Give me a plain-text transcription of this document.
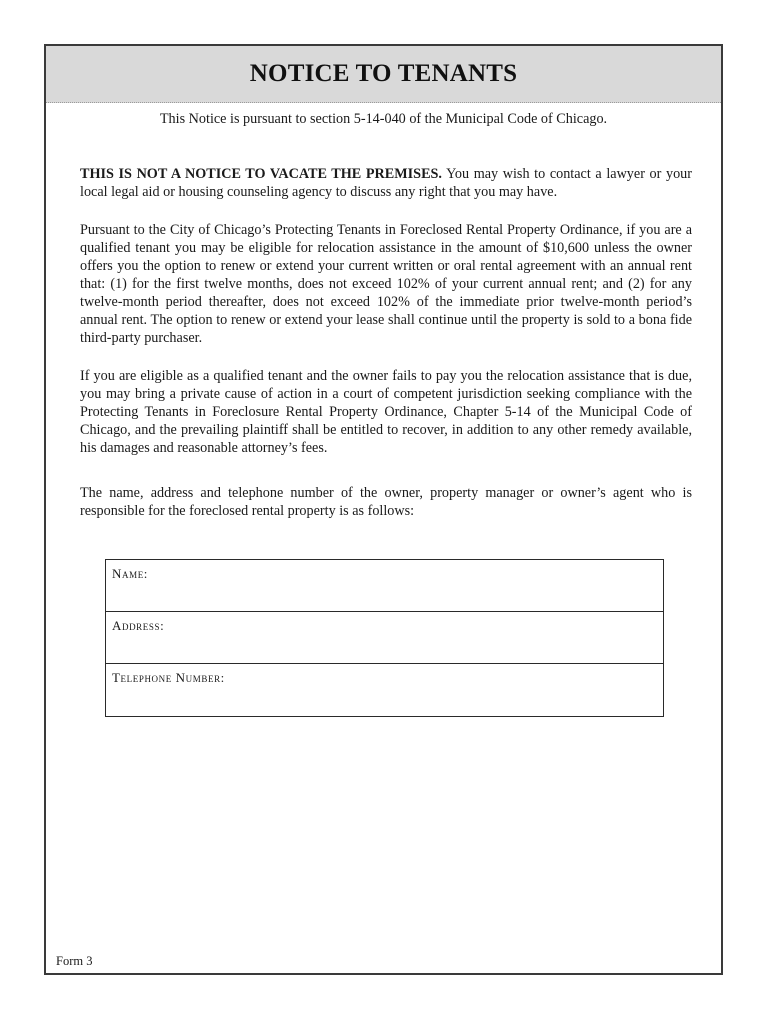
NOTICE TO TENANTS
This Notice is pursuant to section 5-14-040 of the Municipal Code of Chicago.

THIS IS NOT A NOTICE TO VACATE THE PREMISES. You may wish to contact a lawyer or your local legal aid or housing counseling agency to discuss any right that you may have.

Pursuant to the City of Chicago’s Protecting Tenants in Foreclosed Rental Property Ordinance, if you are a qualified tenant you may be eligible for relocation assistance in the amount of $10,600 unless the owner offers you the option to renew or extend your current written or oral rental agreement with an annual rent that: (1) for the first twelve months, does not exceed 102% of your current annual rent; and (2) for any twelve-month period thereafter, does not exceed 102% of the immediate prior twelve-month period’s annual rent. The option to renew or extend your lease shall continue until the property is sold to a bona fide third-party purchaser.

If you are eligible as a qualified tenant and the owner fails to pay you the relocation assistance that is due, you may bring a private cause of action in a court of competent jurisdiction seeking compliance with the Protecting Tenants in Foreclosure Rental Property Ordinance, Chapter 5-14 of the Municipal Code of Chicago, and the prevailing plaintiff shall be entitled to recover, in addition to any other remedy available, his damages and reasonable attorney’s fees.

The name, address and telephone number of the owner, property manager or owner’s agent who is responsible for the foreclosed rental property is as follows:

Name:
Address:
Telephone Number:
Form 3
